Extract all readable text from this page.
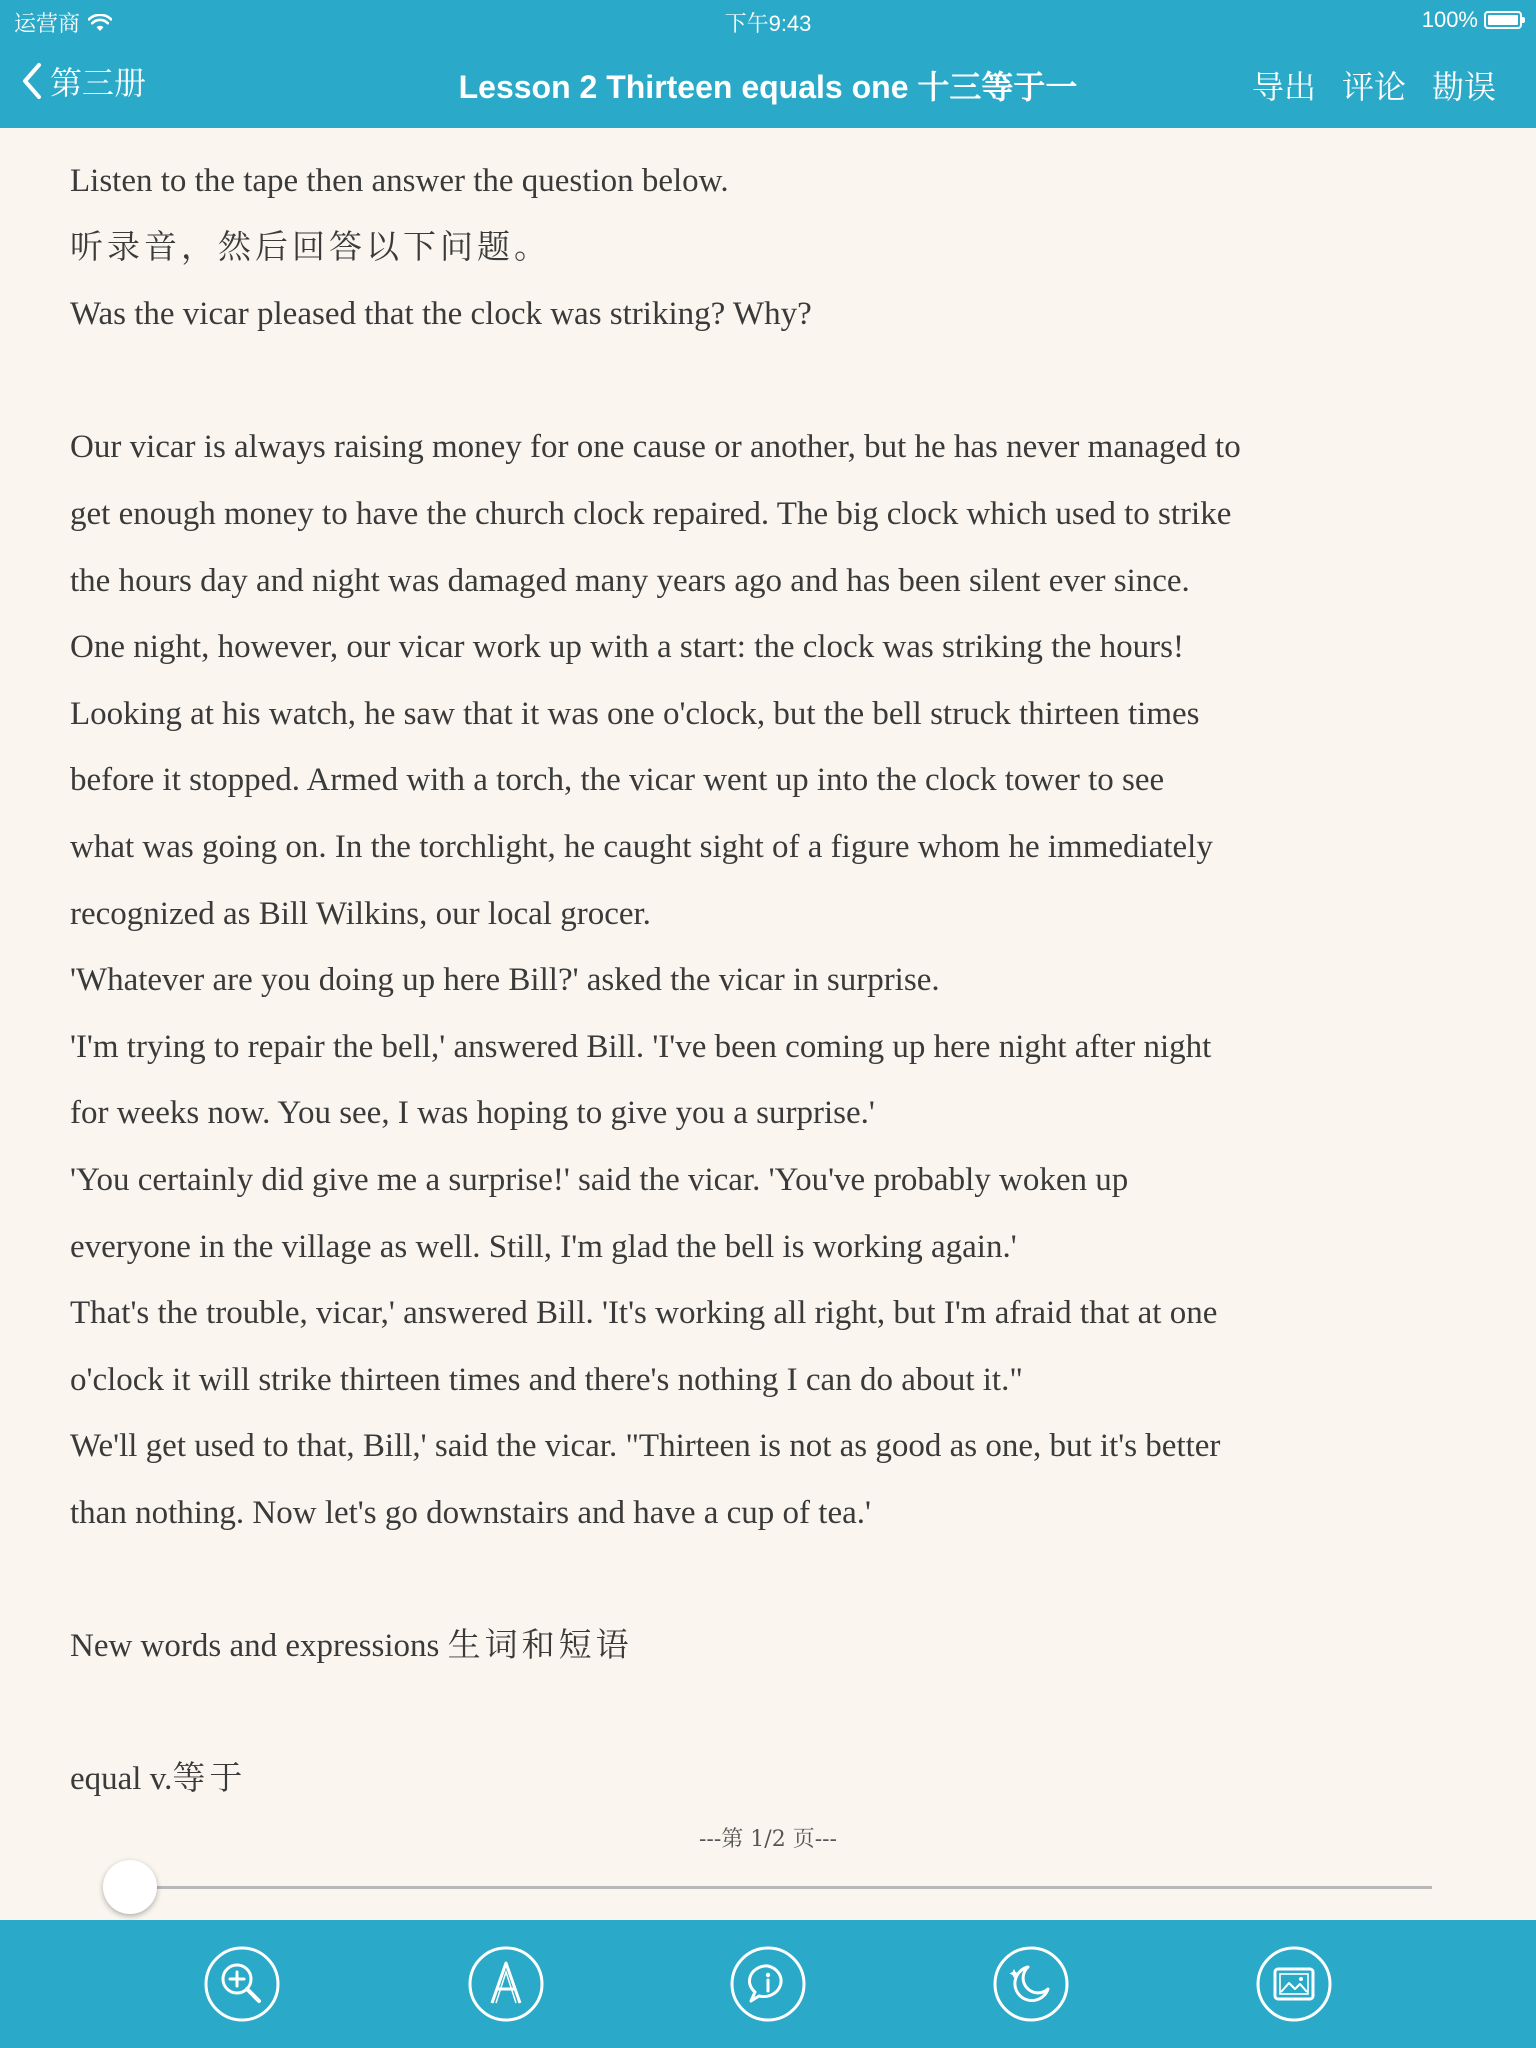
运营商	下午9:43	100%
第三册	Lesson 2 Thirteen equals one 十三等于一	导出 评论 勘误

Listen to the tape then answer the question below.

听录音，然后回答以下问题。

Was the vicar pleased that the clock was striking? Why?

Our vicar is always raising money for one cause or another, but he has never managed to

get enough money to have the church clock repaired. The big clock which used to strike

the hours day and night was damaged many years ago and has been silent ever since.

One night, however, our vicar work up with a start: the clock was striking the hours!

Looking at his watch, he saw that it was one o'clock, but the bell struck thirteen times

before it stopped. Armed with a torch, the vicar went up into the clock tower to see

what was going on. In the torchlight, he caught sight of a figure whom he immediately

recognized as Bill Wilkins, our local grocer.

'Whatever are you doing up here Bill?' asked the vicar in surprise.

'I'm trying to repair the bell,' answered Bill. 'I've been coming up here night after night

for weeks now. You see, I was hoping to give you a surprise.'

'You certainly did give me a surprise!' said the vicar. 'You've probably woken up

everyone in the village as well. Still, I'm glad the bell is working again.'

That's the trouble, vicar,' answered Bill. 'It's working all right, but I'm afraid that at one

o'clock it will strike thirteen times and there's nothing I can do about it."

We'll get used to that, Bill,' said the vicar. "Thirteen is not as good as one, but it's better

than nothing. Now let's go downstairs and have a cup of tea.'

New words and expressions 生词和短语

equal v.等于

---第 1/2 页---
